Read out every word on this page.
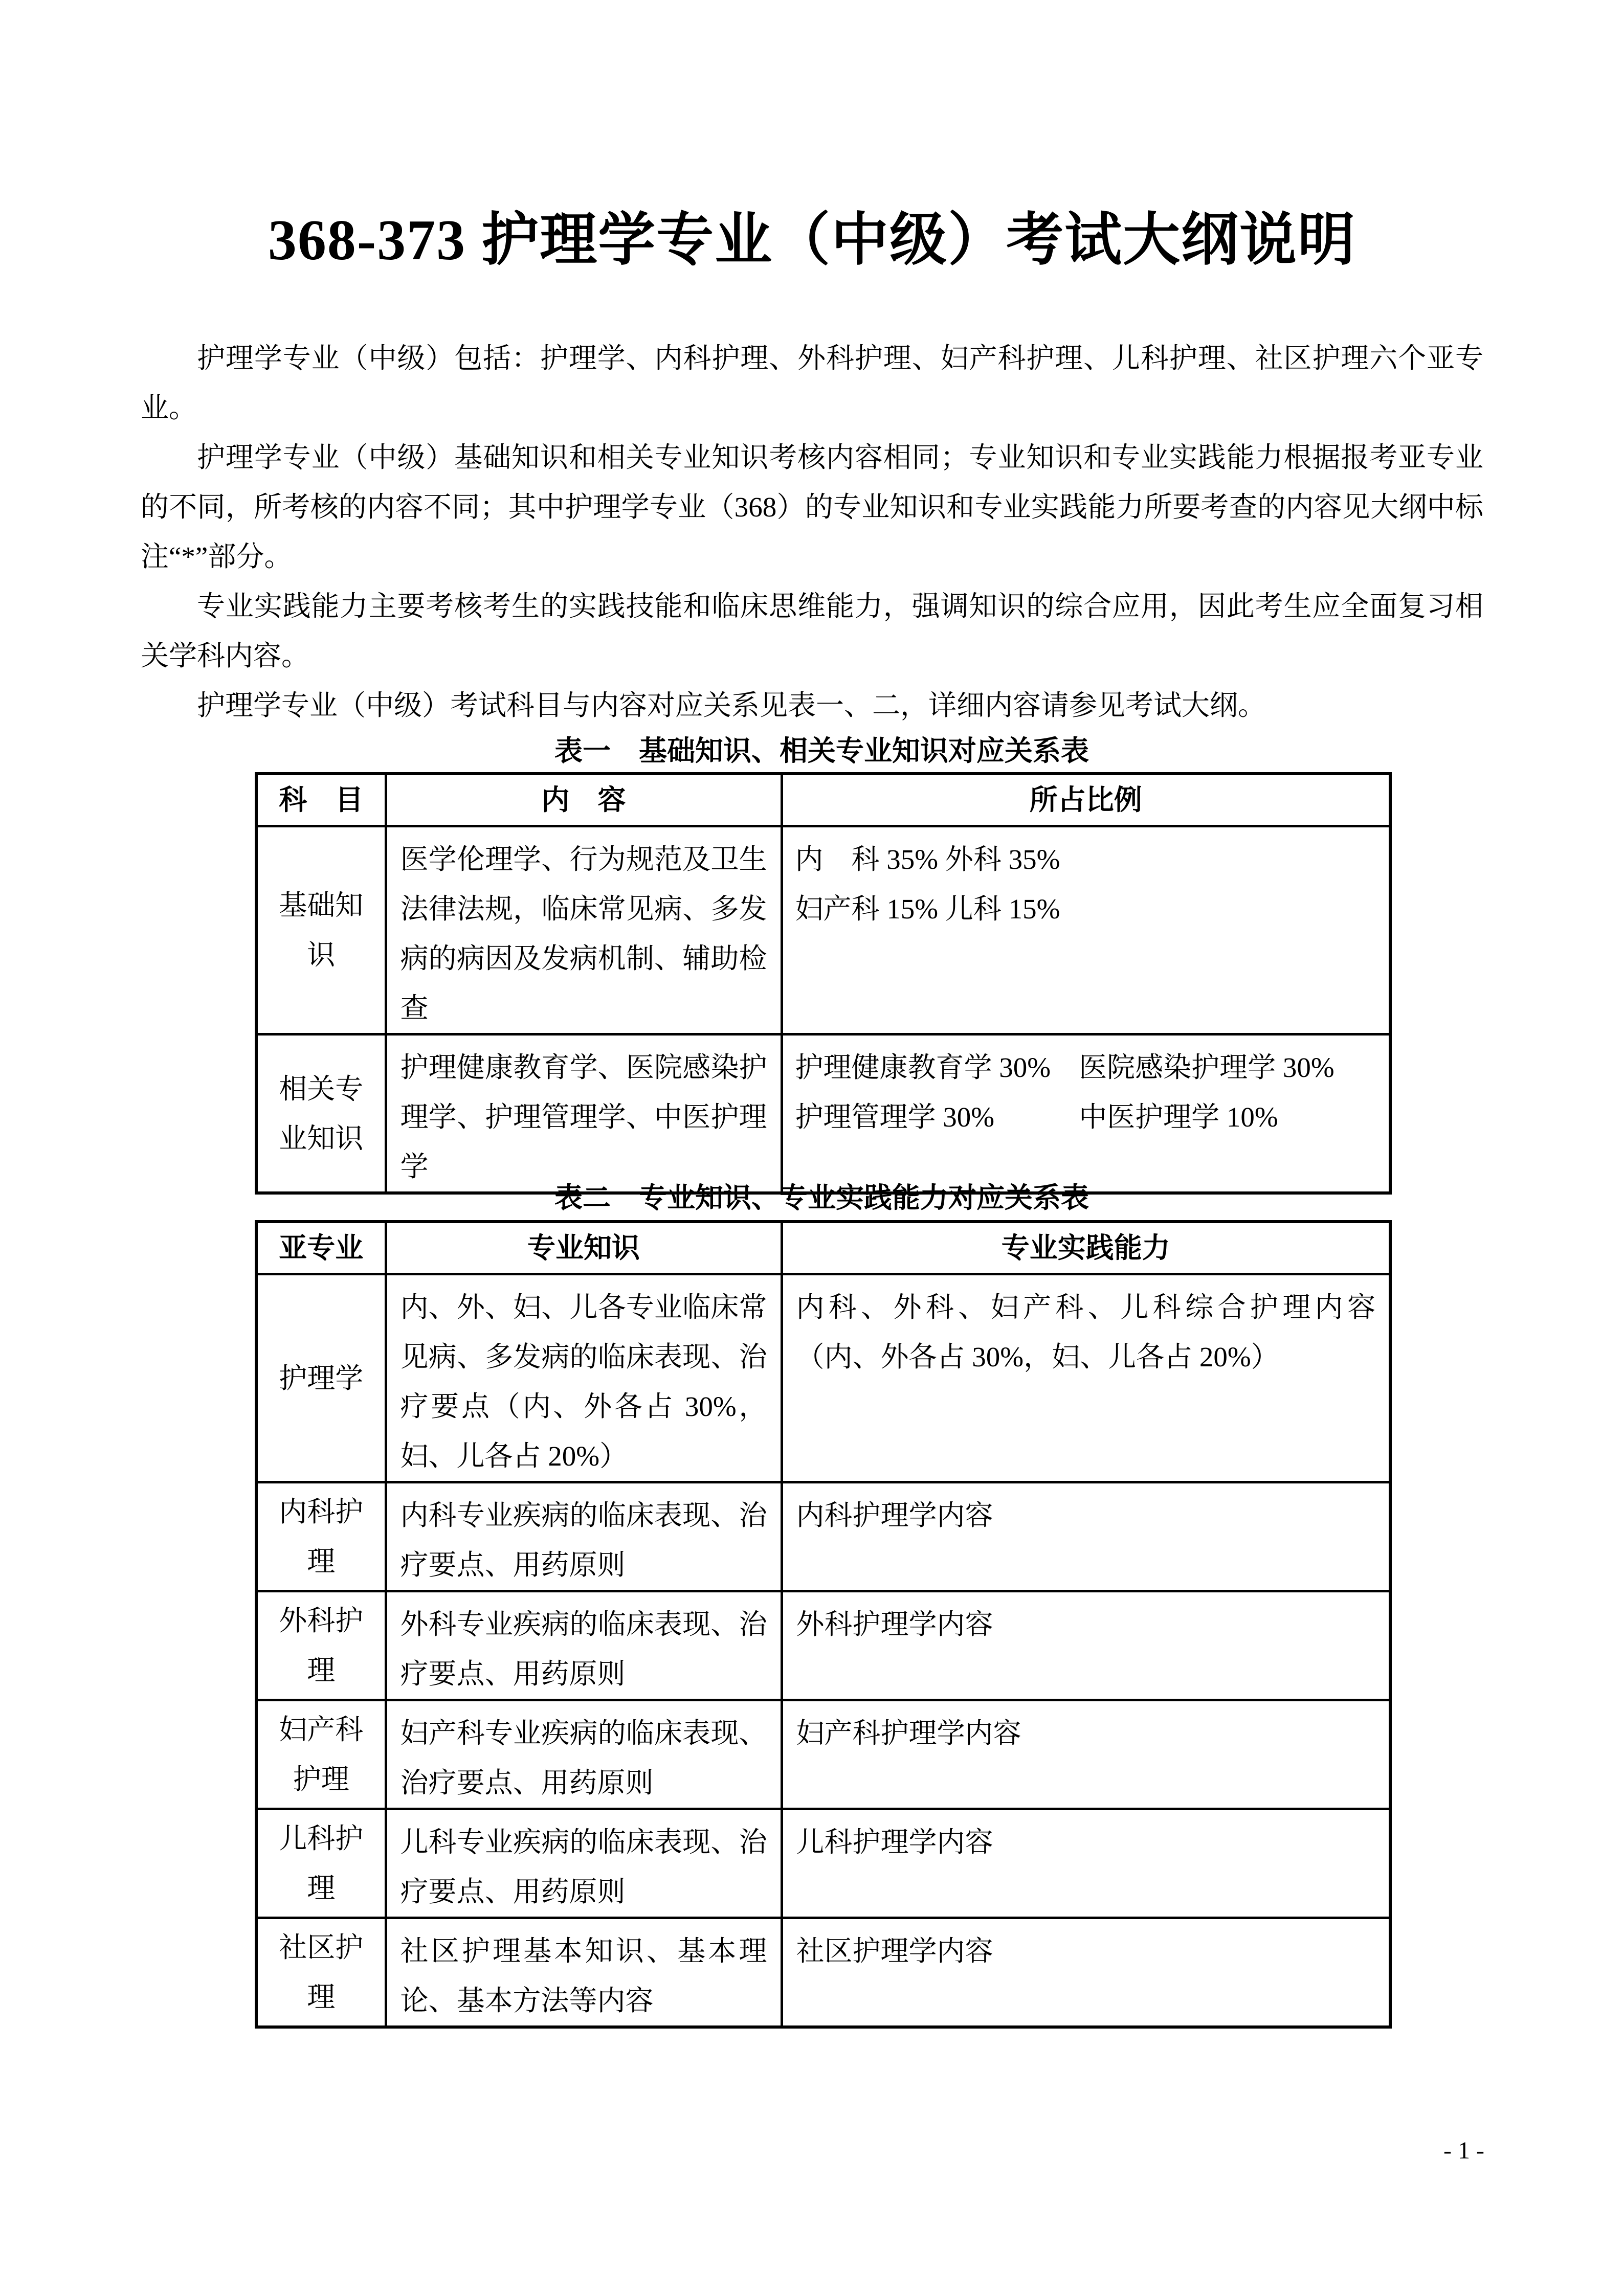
368-373 护理学专业（中级）考试大纲说明

护理学专业（中级）包括：护理学、内科护理、外科护理、妇产科护理、儿科护理、社区护理六个亚专业。

护理学专业（中级）基础知识和相关专业知识考核内容相同；专业知识和专业实践能力根据报考亚专业的不同，所考核的内容不同；其中护理学专业（368）的专业知识和专业实践能力所要考查的内容见大纲中标注“*”部分。

专业实践能力主要考核考生的实践技能和临床思维能力，强调知识的综合应用，因此考生应全面复习相关学科内容。

护理学专业（中级）考试科目与内容对应关系见表一、二，详细内容请参见考试大纲。

表一　基础知识、相关专业知识对应关系表
科　目	内　容	所占比例
基础知识	医学伦理学、行为规范及卫生法律法规，临床常见病、多发病的病因及发病机制、辅助检查	内　科 35% 外科 35%
妇产科 15% 儿科 15%

相关专业知识	护理健康教育学、医院感染护理学、护理管理学、中医护理学	护理健康教育学 30%　医院感染护理学 30%
护理管理学 30%　　　中医护理学 10%
表二　专业知识、专业实践能力对应关系表
亚专业	专业知识	专业实践能力
护理学	内、外、妇、儿各专业临床常见病、多发病的临床表现、治疗要点（内、外各占 30%，妇、儿各占 20%）	内科、外科、妇产科、儿科综合护理内容（内、外各占 30%，妇、儿各占 20%）
内科护理	内科专业疾病的临床表现、治疗要点、用药原则	内科护理学内容
外科护理	外科专业疾病的临床表现、治疗要点、用药原则	外科护理学内容
妇产科护理	妇产科专业疾病的临床表现、治疗要点、用药原则	妇产科护理学内容
儿科护理	儿科专业疾病的临床表现、治疗要点、用药原则	儿科护理学内容
社区护理	社区护理基本知识、基本理论、基本方法等内容	社区护理学内容
- 1 -
